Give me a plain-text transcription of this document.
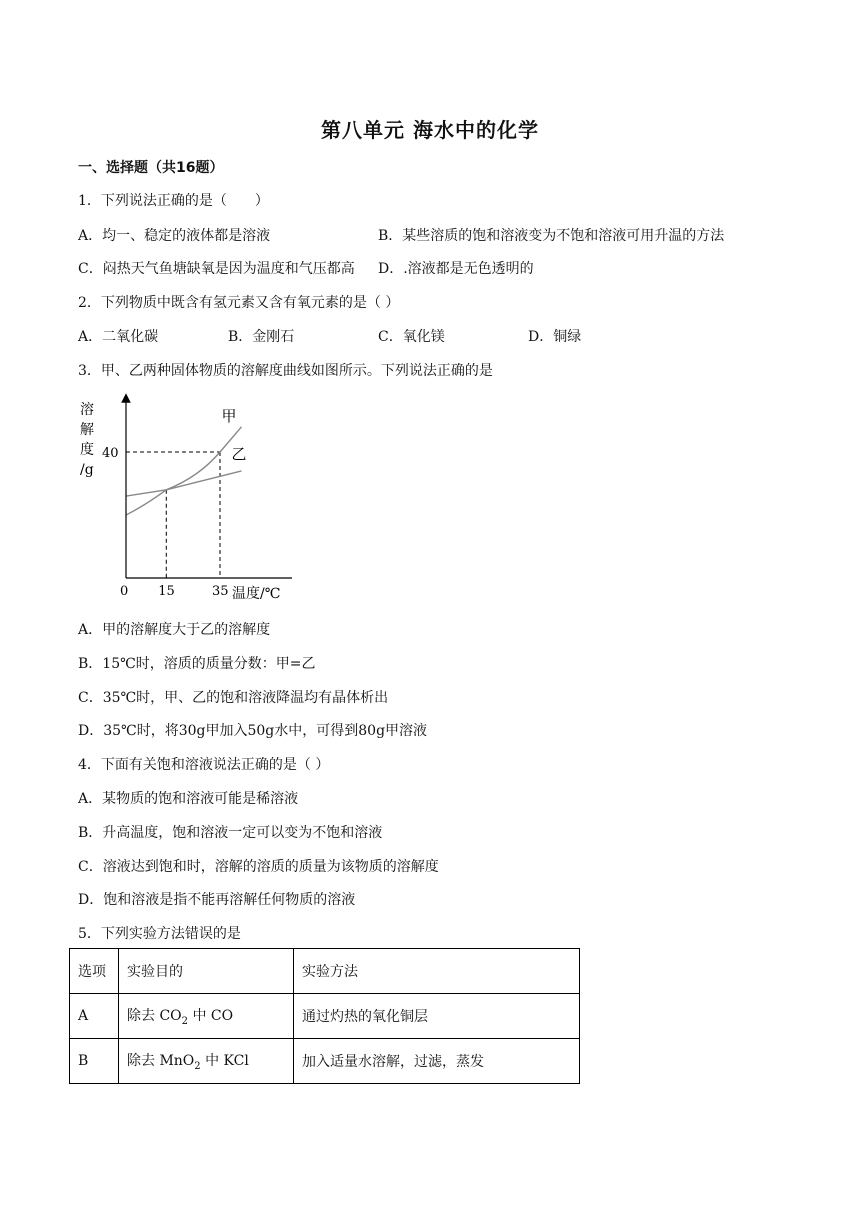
第八单元 海水中的化学
一、选择题（共16题）
1．下列说法正确的是（　　）
A．均一、稳定的液体都是溶液	B．某些溶质的饱和溶液变为不饱和溶液可用升温的方法
C．闷热天气鱼塘缺氧是因为温度和气压都高 D．.溶液都是无色透明的
2．下列物质中既含有氢元素又含有氧元素的是（ ）
A．二氧化碳	B．金刚石	C．氧化镁	D．铜绿
3．甲、乙两种固体物质的溶解度曲线如图所示。下列说法正确的是
甲
乙
溶
解
度
/g
40
0 15	35 温度/℃
A．甲的溶解度大于乙的溶解度
B．15℃时，溶质的质量分数：甲=乙
C．35℃时，甲、乙的饱和溶液降温均有晶体析出
D．35℃时，将30g甲加入50g水中，可得到80g甲溶液
4．下面有关饱和溶液说法正确的是（ ）
A．某物质的饱和溶液可能是稀溶液
B．升高温度，饱和溶液一定可以变为不饱和溶液
C．溶液达到饱和时，溶解的溶质的质量为该物质的溶解度
D．饱和溶液是指不能再溶解任何物质的溶液
5．下列实验方法错误的是
选项	实验目的	实验方法
A	除去 $CO_2$ 中 CO	通过灼热的氧化铜层
B	除去 MnO$_2$ 中 KCl	加入适量水溶解，过滤，蒸发
